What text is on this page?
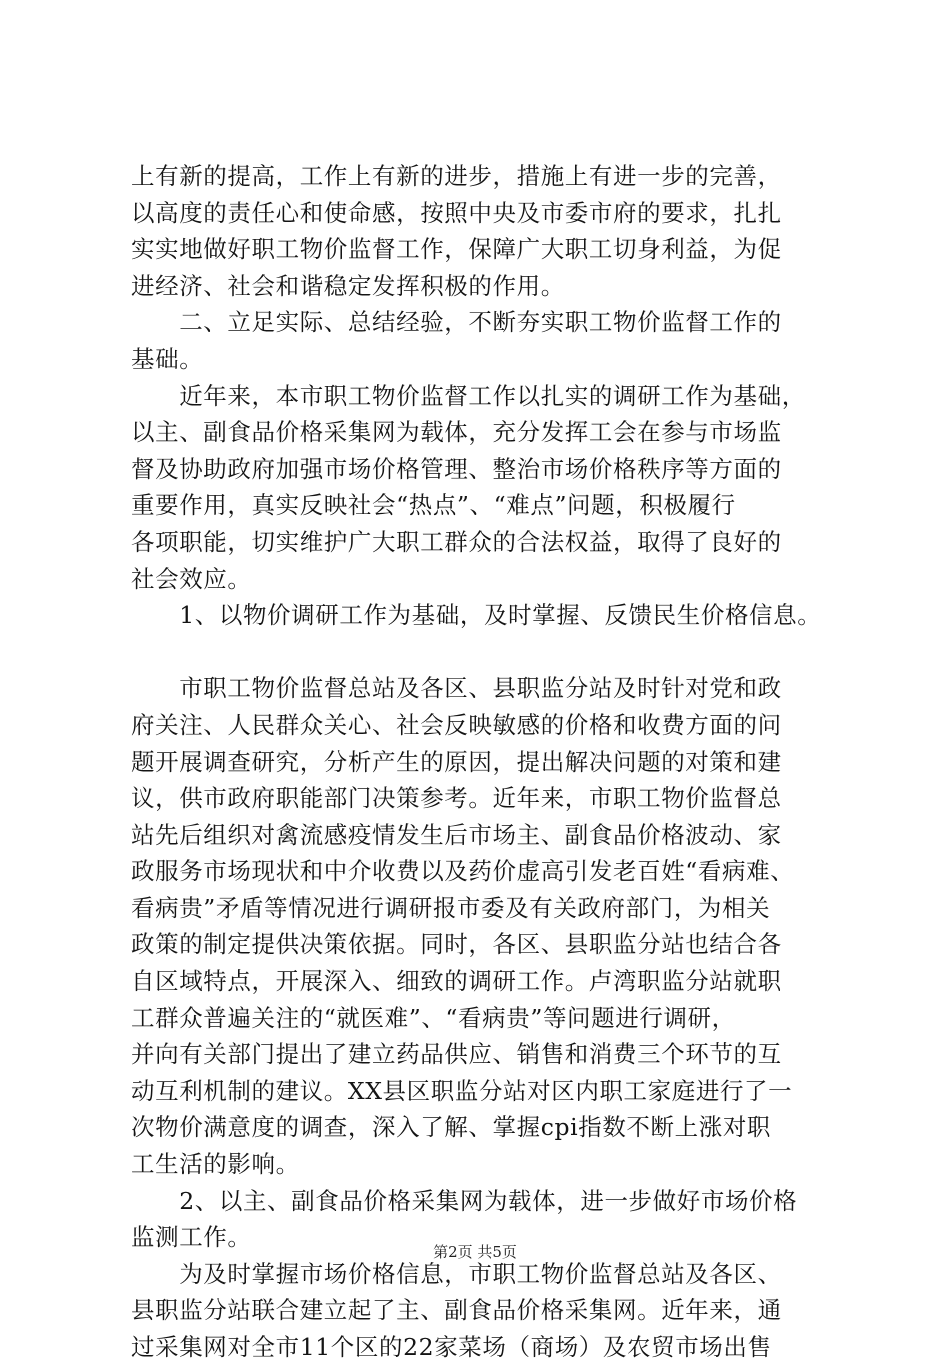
上有新的提高，工作上有新的进步，措施上有进一步的完善，
以高度的责任心和使命感，按照中央及市委市府的要求，扎扎
实实地做好职工物价监督工作，保障广大职工切身利益，为促
进经济、社会和谐稳定发挥积极的作用。
　　二、立足实际、总结经验，不断夯实职工物价监督工作的
基础。
　　近年来，本市职工物价监督工作以扎实的调研工作为基础，
以主、副食品价格采集网为载体，充分发挥工会在参与市场监
督及协助政府加强市场价格管理、整治市场价格秩序等方面的
重要作用，真实反映社会“热点”、“难点”问题，积极履行
各项职能，切实维护广大职工群众的合法权益，取得了良好的
社会效应。
　　1、以物价调研工作为基础，及时掌握、反馈民生价格信息。
　　市职工物价监督总站及各区、县职监分站及时针对党和政
府关注、人民群众关心、社会反映敏感的价格和收费方面的问
题开展调查研究，分析产生的原因，提出解决问题的对策和建
议，供市政府职能部门决策参考。近年来，市职工物价监督总
站先后组织对禽流感疫情发生后市场主、副食品价格波动、家
政服务市场现状和中介收费以及药价虚高引发老百姓“看病难、
看病贵”矛盾等情况进行调研报市委及有关政府部门，为相关
政策的制定提供决策依据。同时，各区、县职监分站也结合各
自区域特点，开展深入、细致的调研工作。卢湾职监分站就职
工群众普遍关注的“就医难”、“看病贵”等问题进行调研，
并向有关部门提出了建立药品供应、销售和消费三个环节的互
动互利机制的建议。XX县区职监分站对区内职工家庭进行了一
次物价满意度的调查，深入了解、掌握cpi指数不断上涨对职
工生活的影响。
　　2、以主、副食品价格采集网为载体，进一步做好市场价格
监测工作。
　　为及时掌握市场价格信息，市职工物价监督总站及各区、
县职监分站联合建立起了主、副食品价格采集网。近年来，通
过采集网对全市11个区的22家菜场（商场）及农贸市场出售
第2页 共5页
